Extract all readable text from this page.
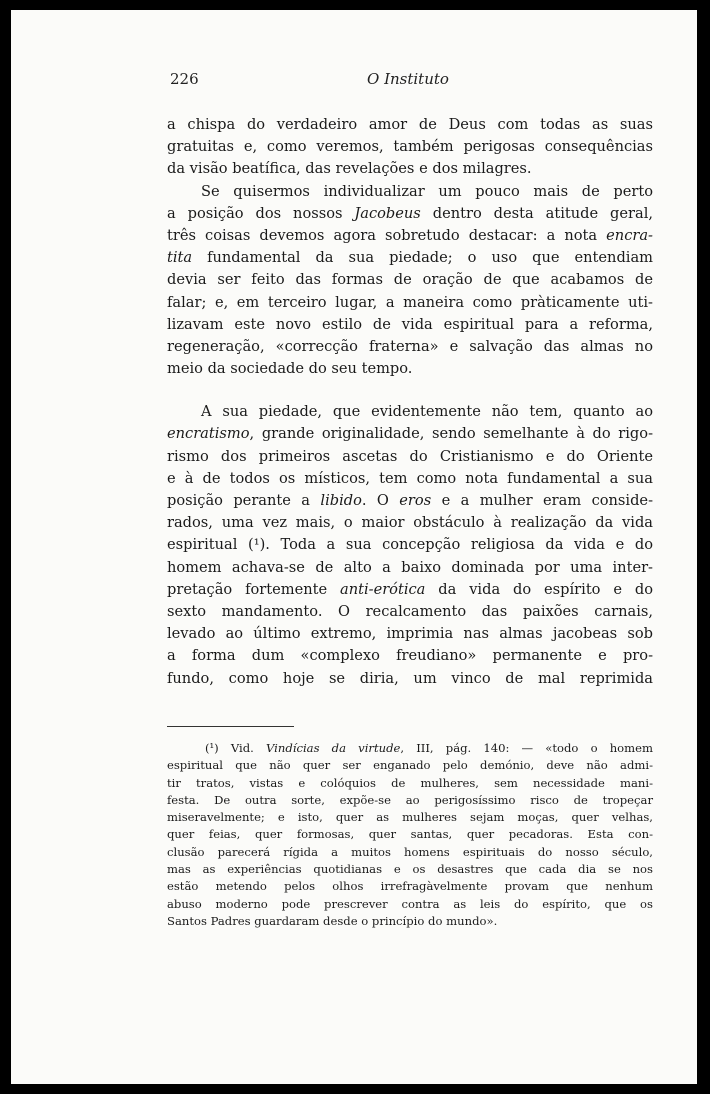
226	O Instituto
a chispa do verdadeiro amor de Deus com todas as suas
gratuitas e, como veremos, também perigosas consequências
da visão beatífica, das revelações e dos milagres.
Se quisermos individualizar um pouco mais de perto
a posição dos nossos Jacobeus dentro desta atitude geral,
três coisas devemos agora sobretudo destacar: a nota encra-
tita fundamental da sua piedade; o uso que entendiam
devia ser feito das formas de oração de que acabamos de
falar; e, em terceiro lugar, a maneira como pràticamente uti-
lizavam este novo estilo de vida espiritual para a reforma,
regeneração, «correcção fraterna» e salvação das almas no
meio da sociedade do seu tempo.
A sua piedade, que evidentemente não tem, quanto ao
encratismo, grande originalidade, sendo semelhante à do rigo-
rismo dos primeiros ascetas do Cristianismo e do Oriente
e à de todos os místicos, tem como nota fundamental a sua
posição perante a libido. O eros e a mulher eram conside-
rados, uma vez mais, o maior obstáculo à realização da vida
espiritual (¹). Toda a sua concepção religiosa da vida e do
homem achava-se de alto a baixo dominada por uma inter-
pretação fortemente anti-erótica da vida do espírito e do
sexto mandamento. O recalcamento das paixões carnais,
levado ao último extremo, imprimia nas almas jacobeas sob
a forma dum «complexo freudiano» permanente e pro-
fundo, como hoje se diria, um vinco de mal reprimida
(¹) Vid. Vindícias da virtude, III, pág. 140: — «todo o homem
espiritual que não quer ser enganado pelo demónio, deve não admi-
tir tratos, vistas e colóquios de mulheres, sem necessidade mani-
festa. De outra sorte, expõe-se ao perigosíssimo risco de tropeçar
miseravelmente; e isto, quer as mulheres sejam moças, quer velhas,
quer feias, quer formosas, quer santas, quer pecadoras. Esta con-
clusão parecerá rígida a muitos homens espirituais do nosso século,
mas as experiências quotidianas e os desastres que cada dia se nos
estão metendo pelos olhos irrefragàvelmente provam que nenhum
abuso moderno pode prescrever contra as leis do espírito, que os
Santos Padres guardaram desde o princípio do mundo».
